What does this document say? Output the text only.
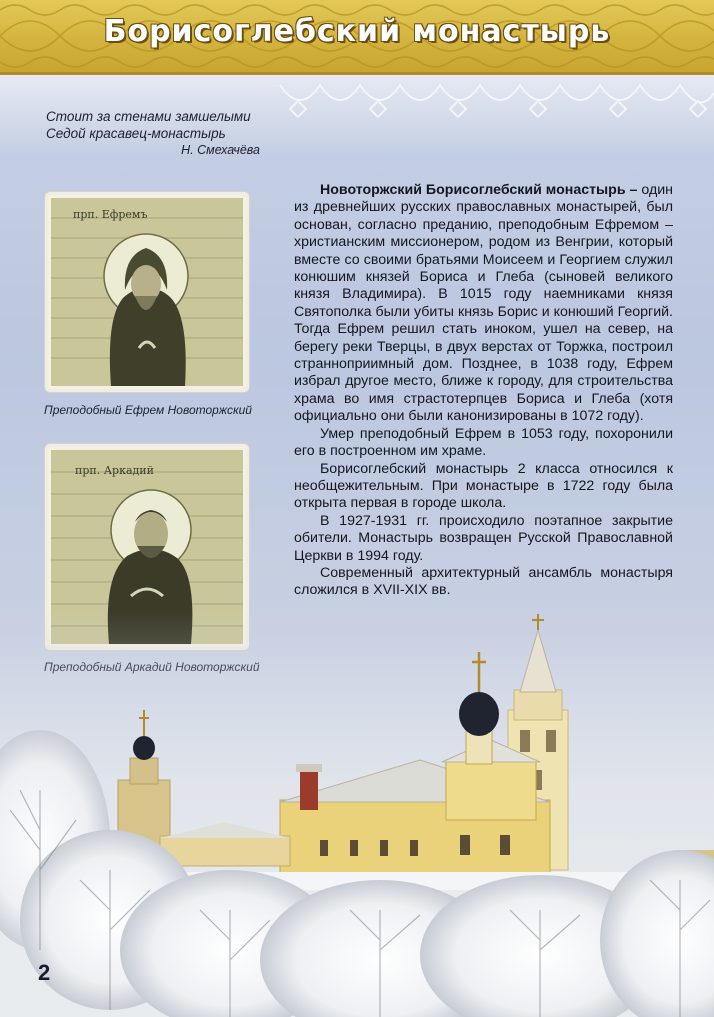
Борисоглебский монастырь
Стоит за стенами замшелыми
Седой красавец-монастырь
Н. Смехачёва
прп. Ефремъ
Преподобный Ефрем Новоторжский
прп. Аркадий

Новоторжский Борисоглебский монастырь – один из древнейших русских православных монастырей, был основан, согласно преданию, преподобным Ефремом – христианским миссионером, родом из Венгрии, который вместе со своими братьями Моисеем и Георгием служил конюшим князей Бориса и Глеба (сыновей великого князя Владимира). В 1015 году наемниками князя Святополка были убиты князь Борис и конюший Георгий. Тогда Ефрем решил стать иноком, ушел на север, на берегу реки Тверцы, в двух верстах от Торжка, построил странноприимный дом. Позднее, в 1038 году, Ефрем избрал другое место, ближе к городу, для строительства храма во имя страстотерпцев Бориса и Глеба (хотя официально они были канонизированы в 1072 году).

Умер преподобный Ефрем в 1053 году, похоронили его в построенном им храме.

Борисоглебский монастырь 2 класса относился к необщежительным. При монастыре в 1722 году была открыта первая в городе школа.

В 1927-1931 гг. происходило поэтапное закрытие обители. Монастырь возвращен Русской Православной Церкви в 1994 году.

Современный архитектурный ансамбль монастыря сложился в XVII-XIX вв.

2
